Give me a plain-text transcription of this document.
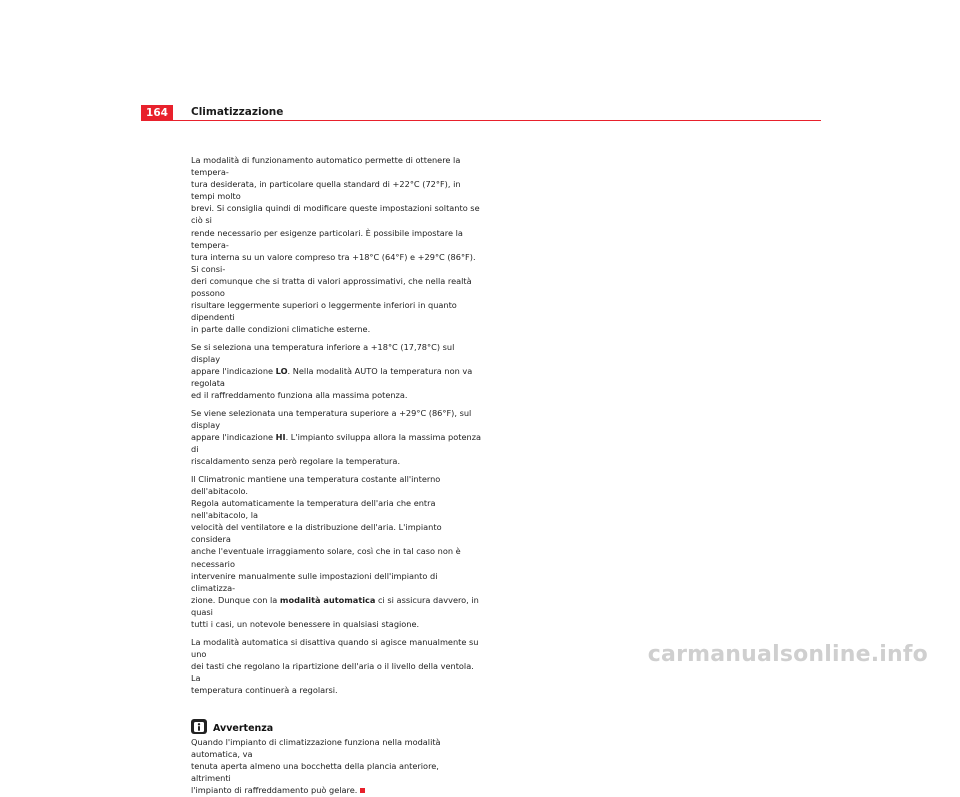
164	Climatizzazione

La modalità di funzionamento automatico permette di ottenere la tempera-
tura desiderata, in particolare quella standard di +22°C (72°F), in tempi molto
brevi. Si consiglia quindi di modificare queste impostazioni soltanto se ciò si
rende necessario per esigenze particolari. È possibile impostare la tempera-
tura interna su un valore compreso tra +18°C (64°F) e +29°C (86°F). Si consi-
deri comunque che si tratta di valori approssimativi, che nella realtà possono
risultare leggermente superiori o leggermente inferiori in quanto dipendenti
in parte dalle condizioni climatiche esterne.

Se si seleziona una temperatura inferiore a +18°C (17,78°C) sul display
appare l'indicazione LO. Nella modalità AUTO la temperatura non va regolata
ed il raffreddamento funziona alla massima potenza.

Se viene selezionata una temperatura superiore a +29°C (86°F), sul display
appare l'indicazione HI. L'impianto sviluppa allora la massima potenza di
riscaldamento senza però regolare la temperatura.

Il Climatronic mantiene una temperatura costante all'interno dell'abitacolo.
Regola automaticamente la temperatura dell'aria che entra nell'abitacolo, la
velocità del ventilatore e la distribuzione dell'aria. L'impianto considera
anche l'eventuale irraggiamento solare, così che in tal caso non è necessario
intervenire manualmente sulle impostazioni dell'impianto di climatizza-
zione. Dunque con la modalità automatica ci si assicura davvero, in quasi
tutti i casi, un notevole benessere in qualsiasi stagione.

La modalità automatica si disattiva quando si agisce manualmente su uno
dei tasti che regolano la ripartizione dell'aria o il livello della ventola. La
temperatura continuerà a regolarsi.

Avvertenza
Quando l'impianto di climatizzazione funziona nella modalità automatica, va
tenuta aperta almeno una bocchetta della plancia anteriore, altrimenti
l'impianto di raffreddamento può gelare.
carmanualsonline.info
